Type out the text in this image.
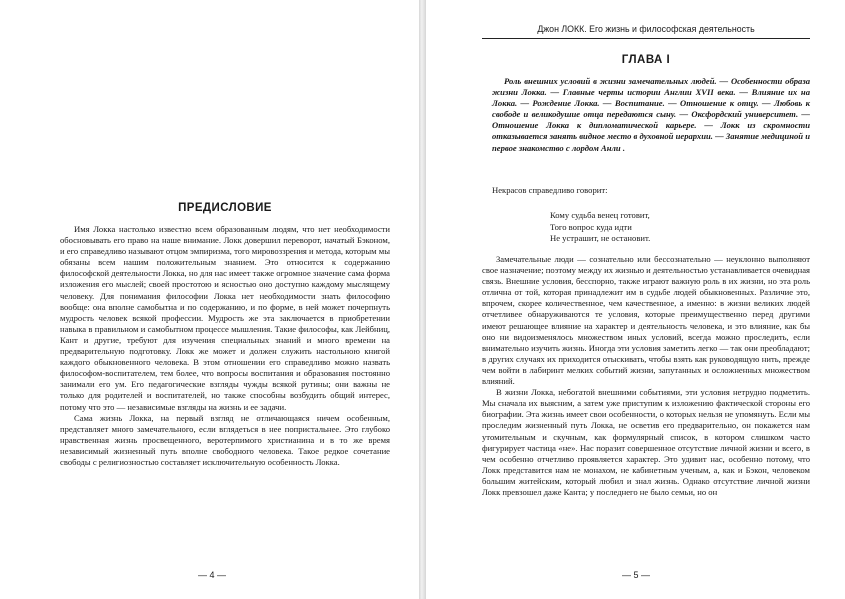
ПРЕДИСЛОВИЕ

Имя Локка настолько известно всем образованным людям, что нет необходимости обосновывать его право на наше внимание. Локк довершил переворот, начатый Бэконом, и его справедливо называют отцом эмпиризма, того мировоззрения и метода, которым мы обязаны всем нашим положительным знанием. Это относится к содержанию философской деятельности Локка, но для нас имеет также огромное значение сама форма изложения его мыслей; своей простотою и ясностью оно доступно каждому мыслящему человеку. Для понимания философии Локка нет необходимости знать философию вообще: она вполне самобытна и по содержанию, и по форме, в ней может почерпнуть мудрость человек всякой профессии. Мудрость же эта заключается в приобретении навыка в правильном и самобытном процессе мышления. Такие философы, как Лейбниц, Кант и другие, требуют для изучения специальных знаний и много времени на предварительную подготовку. Локк же может и должен служить настольною книгой каждого обыкновенного человека. В этом отношении его справедливо можно назвать философом-воспитателем, тем более, что вопросы воспитания и образования постоянно занимали его ум. Его педагогические взгляды чужды всякой рутины; они важны не только для родителей и воспитателей, но также способны возбудить общий интерес, потому что это — независимые взгляды на жизнь и ее задачи.

Сама жизнь Локка, на первый взгляд не отличающаяся ничем особенным, представляет много замечательного, если вглядеться в нее попристальнее. Это глубоко нравственная жизнь просвещенного, веротерпимого христианина и в то же время независимый жизненный путь вполне свободного человека. Такое редкое сочетание свободы с религиозностью составляет исключительную особенность Локка.

— 4 —
Джон ЛОКК. Его жизнь и философская деятельность
ГЛАВА I

Роль внешних условий в жизни замечательных людей. — Особенности образа жизни Локка. — Главные черты истории Англии XVII века. — Влияние их на Локка. — Рождение Локка. — Воспитание. — Отношение к отцу. — Любовь к свободе и великодушие отца передаются сыну. — Оксфордский университет. — Отношение Локка к дипломатической карьере. — Локк из скромности отказывается занять видное место в духовной иерархии. — Занятие медициной и первое знакомство с лордом Анли .

Некрасов справедливо говорит:

Кому судьба венец готовит,
Того вопрос куда идти
Не устрашит, не остановит.

Замечательные люди — сознательно или бессознательно — неуклонно выполняют свое назначение; поэтому между их жизнью и деятельностью устанавливается очевидная связь. Внешние условия, бесспорно, также играют важную роль в их жизни, но эта роль отлична от той, которая принадлежит им в судьбе людей обыкновенных. Различие это, впрочем, скорее количественное, чем качественное, а именно: в жизни великих людей отчетливее обнаруживаются те условия, которые преимущественно перед другими имеют решающее влияние на характер и деятельность человека, и это влияние, как бы оно ни видоизменялось множеством иных условий, всегда можно проследить, если внимательно изучить жизнь. Иногда эти условия заметить легко — так они преобладают; в других случаях их приходится отыскивать, чтобы взять как руководящую нить, прежде чем войти в лабиринт мелких событий жизни, запутанных и осложненных множеством влияний.

В жизни Локка, небогатой внешними событиями, эти условия нетрудно подметить. Мы сначала их выясним, а затем уже приступим к изложению фактической стороны его биографии. Эта жизнь имеет свои особенности, о которых нельзя не упомянуть. Если мы проследим жизненный путь Локка, не осветив его предварительно, он покажется нам утомительным и скучным, как формулярный список, в котором слишком часто фигурирует частица «не». Нас поразит совершенное отсутствие личной жизни и всего, в чем особенно отчетливо проявляется характер. Это удивит нас, особенно потому, что Локк представится нам не монахом, не кабинетным ученым, а, как и Бэкон, человеком большим житейским, который любил и знал жизнь. Однако отсутствие личной жизни Локк превзошел даже Канта; у последнего не было семьи, но он

— 5 —
